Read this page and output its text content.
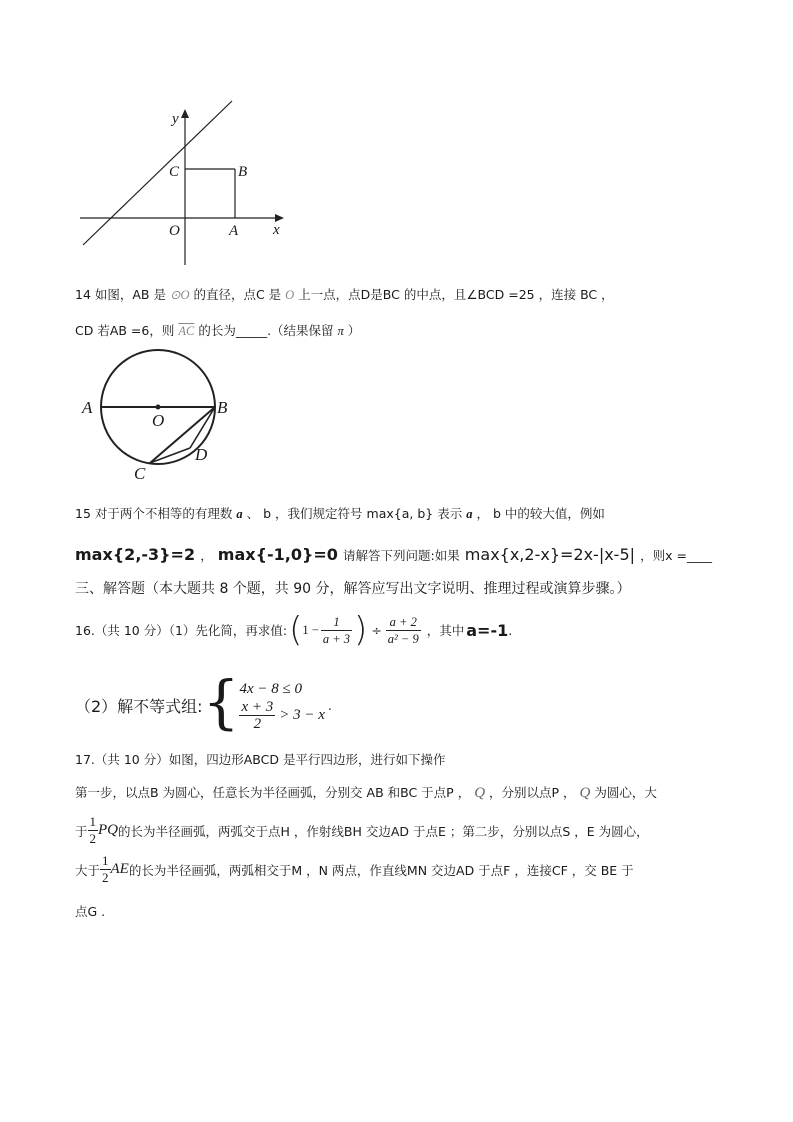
y
x
O	A
B
C
14 如图，AB 是 ⊙O 的直径，点C 是 O 上一点，点D是BC 的中点，且∠BCD =25 ，连接 BC ，
CD 若AB =6，则 $\overline{AC}$ 的长为_____.（结果保留 π ）
A
O
B
C
D
15 对于两个不相等的有理数 a 、 b ，我们规定符号 max{a, b} 表示 a ， b 中的较大值，例如
max{2,-3}=2 ， max{-1,0}=0 请解答下列问题:如果 max{x,2-x}=2x-|x-5| ，则x =____
三、解答题（本大题共 8 个题，共 90 分，解答应写出文字说明、推理过程或演算步骤。）
16.（共 10 分）（1）先化简，再求值: ( $1 - \frac{1}{a + 3}$ ) ÷ $\frac{a + 2}{\text{a² − 9}}$ ，其中 a=-1 .
（2）解不等式组: { 4x − 8 ≤ 0
$\frac{x + 3}{2} > 3 - x$
.
17.（共 10 分）如图，四边形ABCD 是平行四边形，进行如下操作
第一步，以点B 为圆心，任意长为半径画弧，分别交 AB 和BC 于点P ， Q ，分别以点P ， Q 为圆心，大
于 $\frac{1}{2}$ PQ 的长为半径画弧，两弧交于点H ，作射线BH 交边AD 于点E ；第二步，分别以点S ，E 为圆心，
大于 $\frac{1}{2}$ AE 的长为半径画弧，两弧相交于M ，N 两点，作直线MN 交边AD 于点F ，连接CF ，交 BE 于
点G .
